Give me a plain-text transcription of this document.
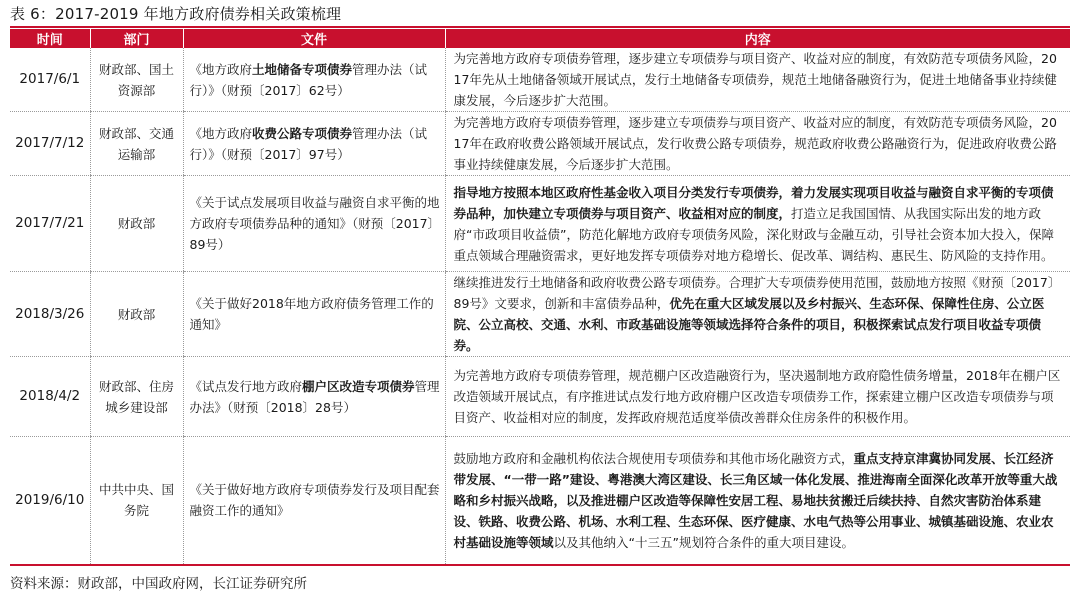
表 6：2017-2019 年地方政府债券相关政策梳理
时间	部门	文件	内容
2017/6/1	财政部、国土资源部	《地方政府土地储备专项债券管理办法（试行）》（财预〔2017〕62号）	为完善地方政府专项债券管理，逐步建立专项债券与项目资产、收益对应的制度，有效防范专项债务风险，2017年先从土地储备领域开展试点，发行土地储备专项债券，规范土地储备融资行为，促进土地储备事业持续健康发展，今后逐步扩大范围。
2017/7/12	财政部、交通运输部	《地方政府收费公路专项债券管理办法（试行）》（财预〔2017〕97号）	为完善地方政府专项债券管理，逐步建立专项债券与项目资产、收益对应的制度，有效防范专项债务风险，2017年在政府收费公路领域开展试点，发行收费公路专项债券，规范政府收费公路融资行为，促进政府收费公路事业持续健康发展，今后逐步扩大范围。
2017/7/21	财政部	《关于试点发展项目收益与融资自求平衡的地方政府专项债券品种的通知》（财预〔2017〕89号）	指导地方按照本地区政府性基金收入项目分类发行专项债券，着力发展实现项目收益与融资自求平衡的专项债券品种，加快建立专项债券与项目资产、收益相对应的制度，打造立足我国国情、从我国实际出发的地方政府“市政项目收益债”，防范化解地方政府专项债务风险，深化财政与金融互动，引导社会资本加大投入，保障重点领域合理融资需求，更好地发挥专项债券对地方稳增长、促改革、调结构、惠民生、防风险的支持作用。
2018/3/26	财政部	《关于做好2018年地方政府债务管理工作的通知》	继续推进发行土地储备和政府收费公路专项债券。合理扩大专项债券使用范围，鼓励地方按照《财预〔2017〕89号》文要求，创新和丰富债券品种，优先在重大区域发展以及乡村振兴、生态环保、保障性住房、公立医院、公立高校、交通、水利、市政基础设施等领域选择符合条件的项目，积极探索试点发行项目收益专项债券。
2018/4/2	财政部、住房城乡建设部	《试点发行地方政府棚户区改造专项债券管理办法》（财预〔2018〕28号）	为完善地方政府专项债券管理，规范棚户区改造融资行为，坚决遏制地方政府隐性债务增量，2018年在棚户区改造领域开展试点，有序推进试点发行地方政府棚户区改造专项债券工作，探索建立棚户区改造专项债券与项目资产、收益相对应的制度，发挥政府规范适度举债改善群众住房条件的积极作用。
2019/6/10	中共中央、国务院	《关于做好地方政府专项债券发行及项目配套融资工作的通知》	鼓励地方政府和金融机构依法合规使用专项债券和其他市场化融资方式，重点支持京津冀协同发展、长江经济带发展、“一带一路”建设、粤港澳大湾区建设、长三角区域一体化发展、推进海南全面深化改革开放等重大战略和乡村振兴战略，以及推进棚户区改造等保障性安居工程、易地扶贫搬迁后续扶持、自然灾害防治体系建设、铁路、收费公路、机场、水利工程、生态环保、医疗健康、水电气热等公用事业、城镇基础设施、农业农村基础设施等领域以及其他纳入“十三五”规划符合条件的重大项目建设。
资料来源：财政部，中国政府网，长江证券研究所
